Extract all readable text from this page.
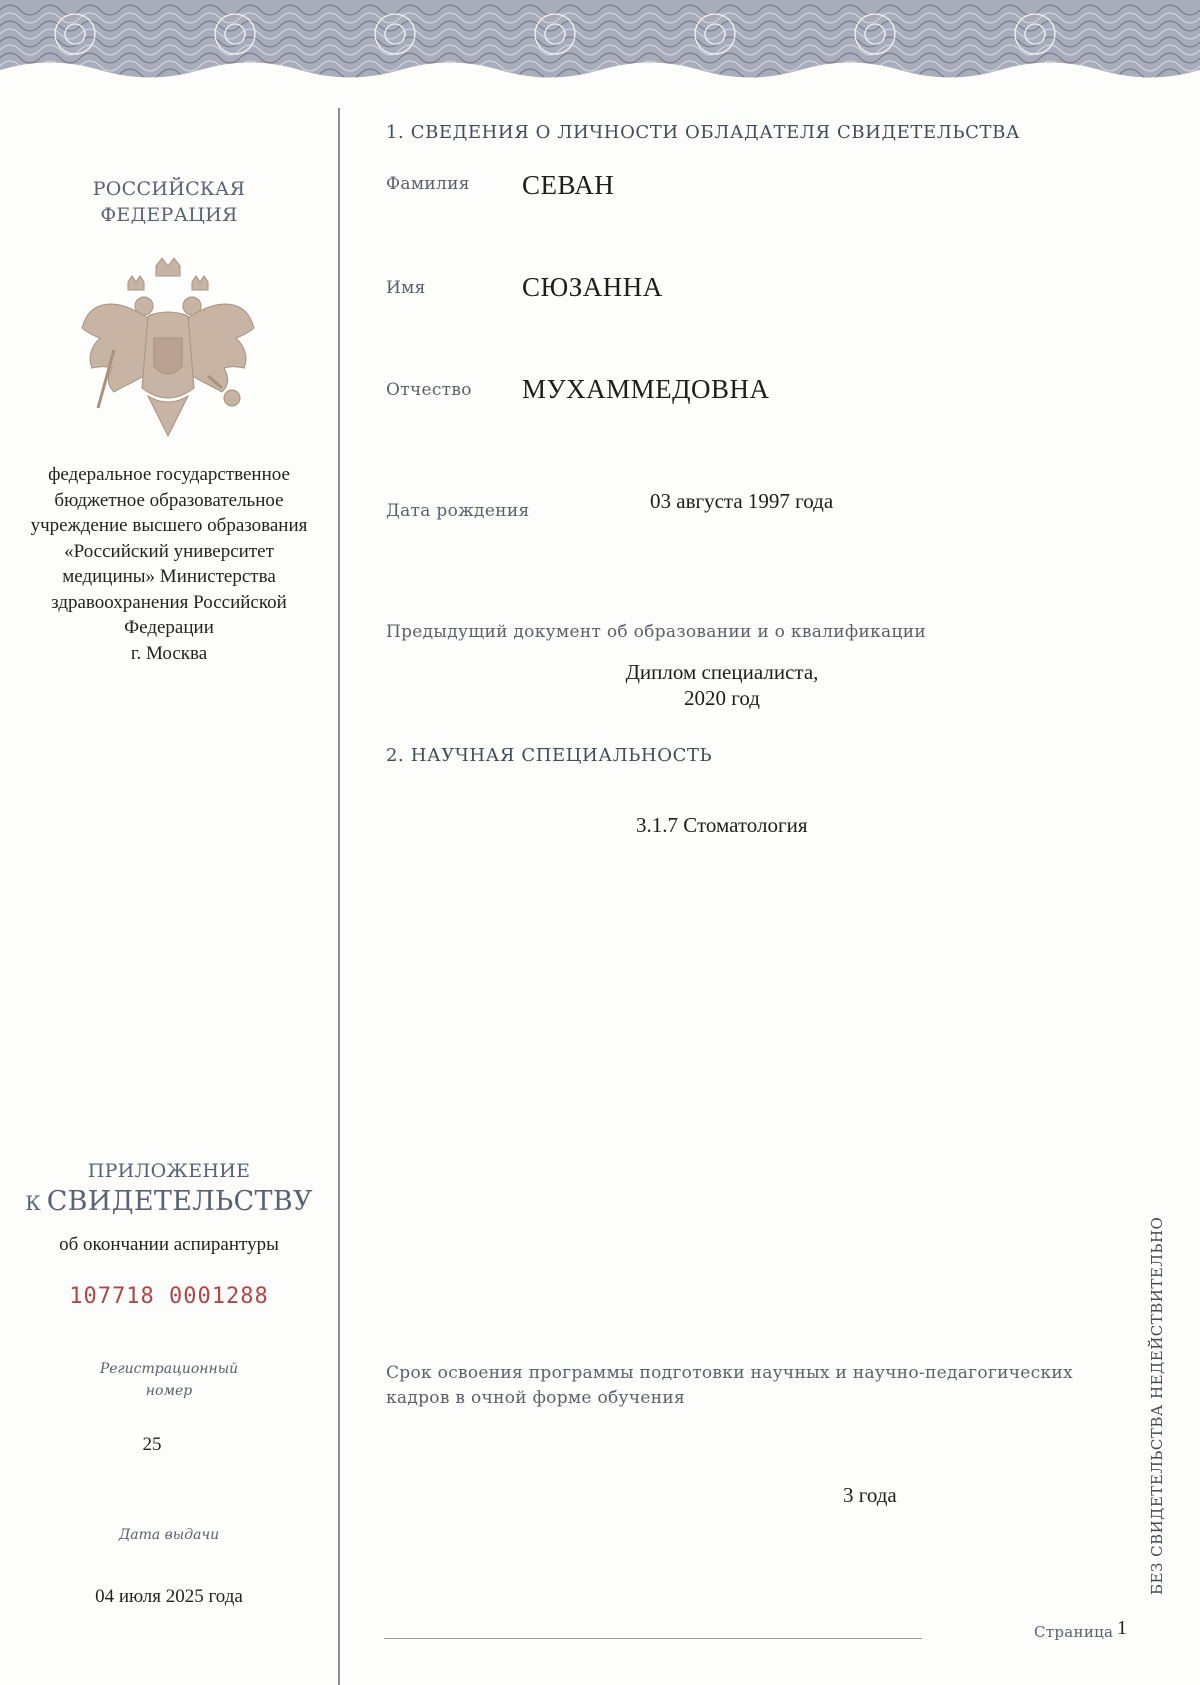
РОССИЙСКАЯ
ФЕДЕРАЦИЯ
федеральное государственное
бюджетное образовательное
учреждение высшего образования
«Российский университет
медицины» Министерства
здравоохранения Российской
Федерации
г. Москва
ПРИЛОЖЕНИЕ
К СВИДЕТЕЛЬСТВУ
об окончании аспирантуры
107718 0001288
Регистрационный
номер
25
Дата выдачи
04 июля 2025 года
1. СВЕДЕНИЯ О ЛИЧНОСТИ ОБЛАДАТЕЛЯ СВИДЕТЕЛЬСТВА
Фамилия СЕВАН
Имя	СЮЗАННА
Отчество МУХАММЕДОВНА
Дата рождения	03 августа 1997 года
Предыдущий документ об образовании и о квалификации
Диплом специалиста,
2020 год
2. НАУЧНАЯ СПЕЦИАЛЬНОСТЬ
3.1.7 Стоматология
Срок освоения программы подготовки научных и научно-педагогических
кадров в очной форме обучения
3 года
Страница 1
БЕЗ СВИДЕТЕЛЬСТВА НЕДЕЙСТВИТЕЛЬНО
